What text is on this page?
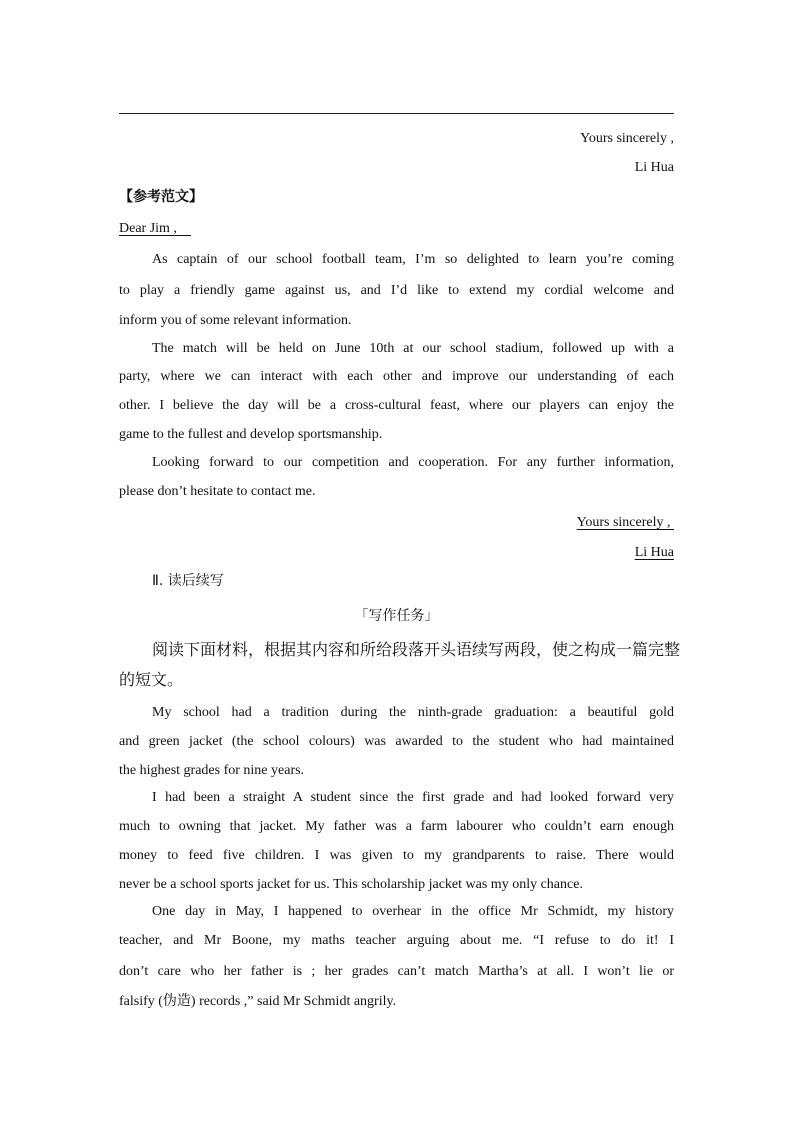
Yours sincerely ,
Li Hua
【参考范文】
Dear Jim ,
As captain of our school football team, I’m so delighted to learn you’re coming
to play a friendly game against us, and I’d like to extend my cordial welcome and
inform you of some relevant information.
The match will be held on June 10th at our school stadium, followed up with a
party, where we can interact with each other and improve our understanding of each
other. I believe the day will be a cross-cultural feast, where our players can enjoy the
game to the fullest and develop sportsmanship.
Looking forward to our competition and cooperation. For any further information,
please don’t hesitate to contact me.
Yours sincerely ,
Li Hua
Ⅱ. 读后续写
「写作任务」
阅读下面材料，根据其内容和所给段落开头语续写两段，使之构成一篇完整
的短文。
My school had a tradition during the ninth-grade graduation: a beautiful gold
and green jacket (the school colours) was awarded to the student who had maintained
the highest grades for nine years.
I had been a straight A student since the first grade and had looked forward very
much to owning that jacket. My father was a farm labourer who couldn’t earn enough
money to feed five children. I was given to my grandparents to raise. There would
never be a school sports jacket for us. This scholarship jacket was my only chance.
One day in May, I happened to overhear in the office Mr Schmidt, my history
teacher, and Mr Boone, my maths teacher arguing about me. “I refuse to do it! I
don’t care who her father is ; her grades can’t match Martha’s at all. I won’t lie or
falsify (伪造) records ,” said Mr Schmidt angrily.
